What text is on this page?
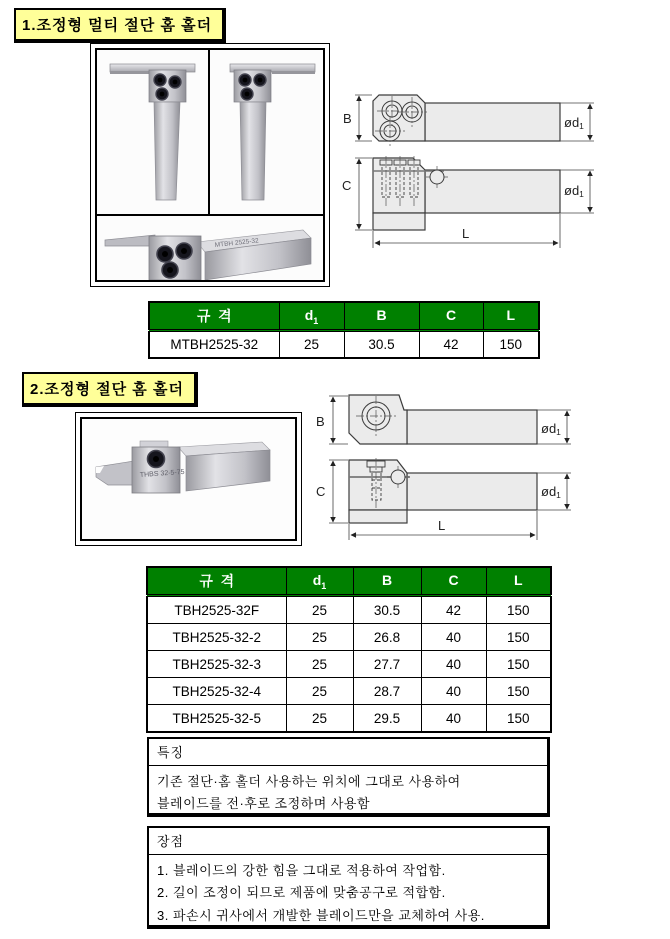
1.조정형 멀티 절단 홈 홀더
MTBH 2525-32
B	ød1
C	ød1
L
규  격	$d_1$	B	C	L
MTBH2525-32	25	30.5	42	150
2.조정형 절단 홈 홀더
THBS 32-5-75
B	ød1
C	ød1
L
규  격	$d_1$	B	C	L
TBH2525-32F	25	30.5	42	150
TBH2525-32-2	25	26.8	40	150
TBH2525-32-3	25	27.7	40	150
TBH2525-32-4	25	28.7	40	150
TBH2525-32-5	25	29.5	40	150
특징
기존 절단·홈 홀더 사용하는 위치에 그대로 사용하여
블레이드를 전·후로 조정하며 사용함
장점
1. 블레이드의 강한 힘을 그대로 적용하여 작업함.
2. 길이 조정이 되므로 제품에 맞춤공구로 적합함.
3. 파손시 귀사에서 개발한 블레이드만을 교체하여 사용.
